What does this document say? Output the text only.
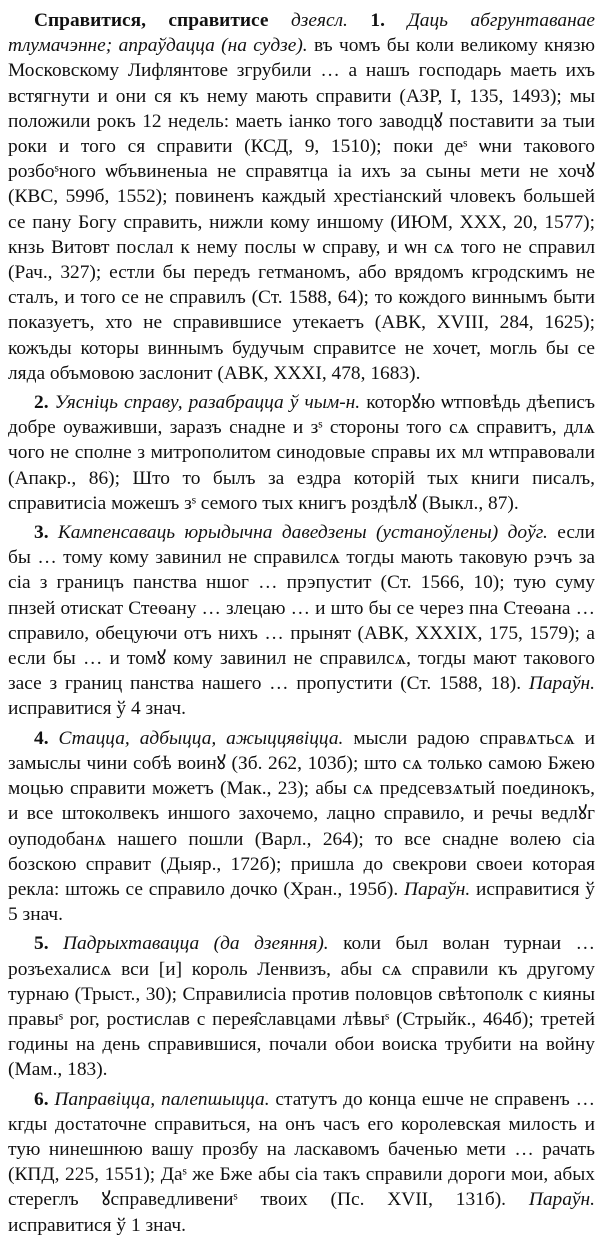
Справитися, справитисе дзеясл. 1. Даць абгрунтаванае тлумачэнне; апраўдацца (на судзе). въ чомъ бы коли великому князю Московскому Лифлянтове згрубили … а нашъ господарь маеть ихъ встягнути и они ся къ нему мають справити (АЗР, I, 135, 1493); мы положили рокъ 12 недель: маеть іанко того заводцꙋ поставити за тыи роки и того ся справити (КСД, 9, 1510); поки деˢ ѡни такового розбоˢного ѡбъвиненыа не справятца іа ихъ за сыны мети не хочꙋ (КВС, 599б, 1552); повиненъ каждый хрестіанский чловекъ большей се пану Богу справить, нижли кому иншому (ИЮМ, ХХХ, 20, 1577); кнзь Витовт послал к нему послы ѡ справу, и ѡн сѧ того не справил (Рач., 327); естли бы передъ гетманомъ, або врядомъ кгродскимъ не сталъ, и того се не справилъ (Ст. 1588, 64); то кождого виннымъ быти показуетъ, хто не справившисе утекаетъ (АВК, XVIII, 284, 1625); кожъды которы виннымъ будучым справитсе не хочет, могль бы се ляда объмовою заслонит (АВК, XXXI, 478, 1683).

2. Уясніць справу, разабрацца ў чым-н. которꙋю ѡтповѣдь дѣеписъ добре оуваживши, заразъ снадне и зˢ стороны того сѧ справитъ, длѧ чого не сполне з митрополитом синодовые справы их мл ѡтправовали (Апакр., 86); Што то былъ за ездра которій тых книги писалъ, справитисіа можешъ зˢ семого тых книгъ роздѣлꙋ (Выкл., 87).

3. Кампенсаваць юрыдычна даведзены (устаноўлены) доўг. если бы … тому кому завинил не справилсѧ тогды мають таковую рэчъ за сіа з границъ панства ншог … прэпустит (Ст. 1566, 10); тую суму пнзей отискат Стеѳану … злецаю … и што бы се через пна Стеѳана … справило, обецуючи отъ нихъ … прынят (АВК, XXXIX, 175, 1579); а если бы … и томꙋ кому завинил не справилсѧ, тогды мают такового засе з границ панства нашего … пропустити (Ст. 1588, 18). Параўн. исправитися ў 4 знач.

4. Стацца, адбыцца, ажыццявіцца. мысли радою справѧтьсѧ и замыслы чини собѣ воинꙋ (Зб. 262, 103б); што сѧ только самою Бжею моцью справити можетъ (Мак., 23); абы сѧ предсевзѧтый поединокъ, и все штоколвекъ иншого захочемо, лацно справило, и речы ведлꙋг оуподобанѧ нашего пошли (Варл., 264); то все снадне волею сіа бозскою справит (Дыяр., 172б); пришла до свекрови своеи которая рекла: штожь се справило дочко (Хран., 195б). Параўн. исправитися ў 5 знач.

5. Падрыхтавацца (да дзеяння). коли был волан турнаи … розъехалисѧ вси [и] король Ленвизъ, абы сѧ справили къ другому турнаю (Трыст., 30); Справилисіа против половцов свѣтополк с кияны правыˢ рог, ростислав с перея̑славцами лѣвыˢ (Стрыйк., 464б); третей годины на день справившися, почали обои воиска трубити на войну (Мам., 183).

6. Паправіцца, палепшыцца. статутъ до конца ешче не справенъ … кгды достаточне справиться, на онъ часъ его королевская милость и тую нинешнюю вашу прозбу на ласкавомъ баченью мети … рачать (КПД, 225, 1551); Даˢ же Бже абы сіа такъ справили дороги мои, абых стерeглъ ꙋсправедливениˢ твоих (Пс. XVII, 131б). Параўн. исправитися ў 1 знач.
